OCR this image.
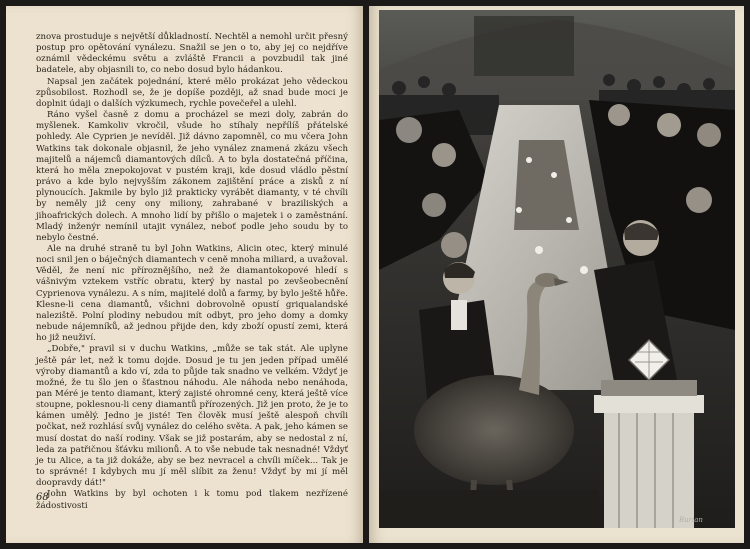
znova prostuduje s největší důkladností. Nechtěl a nemohl určit přesný postup pro opětování vynálezu. Snažil se jen o to, aby jej co nejdříve oznámil vědeckému světu a zvláště Francii a povzbudil tak jiné badatele, aby objasnili to, co nebo dosud bylo hádankou.

Napsal jen začátek pojednání, které mělo prokázat jeho vědeckou způsobilost. Rozhodl se, že je dopíše později, až snad bude moci je doplnit údaji o dalších výzkumech, rychle povečeřel a ulehl.

Ráno vyšel časně z domu a procházel se mezi doly, zabrán do myšlenek. Kamkoliv vkročil, všude ho stíhaly nepřílíš přátelské pohledy. Ale Cyprien je nevíděl. Již dávno zapomněl, co mu včera John Watkins tak dokonale objasnil, že jeho vynález znamená zkázu všech majitelů a nájemců diamantových dílců. A to byla dostatečná příčina, která ho měla znepokojovat v pustém kraji, kde dosud vládlo pěstní právo a kde bylo nejvyšším zákonem zajištění práce a zisků z ní plynoucích. Jakmile by bylo již prakticky vyrábět diamanty, v té chvíli by neměly již ceny ony miliony, zahrabané v braziliských a jihoafrických dolech. A mnoho lidí by přišlo o majetek i o zaměstnání. Mladý inženýr nemínil utajit vynález, neboť podle jeho soudu by to nebylo čestné.

Ale na druhé straně tu byl John Watkins, Alicin otec, který minulé noci snil jen o báječných diamantech v ceně mnoha miliard, a uvažoval. Věděl, že není nic příroznějšího, než že diamantokopové hledí s vášnivým vztekem vstříc obratu, který by nastal po zevšeobecnění Cyprienova vynálezu. A s ním, majitelé dolů a farmy, by bylo ještě hůře. Klesne-li cena diamantů, všichni dobrovolně opustí griqualandské naleziště. Polní plodiny nebudou mít odbyt, pro jeho domy a domky nebude nájemníků, až jednou přijde den, kdy zboží opustí zemi, která ho již neuživí.

„Dobře," pravil si v duchu Watkins, „může se tak stát. Ale uplyne ještě pár let, než k tomu dojde. Dosud je tu jen jeden případ umělé výroby diamantů a kdo ví, zda to půjde tak snadno ve velkém. Vždyť je možné, že tu šlo jen o šťastnou náhodu. Ale náhoda nebo nenáhoda, pan Méré je tento diamant, který zajisté ohromné ceny, která ještě více stoupne, poklesnou-li ceny diamantů přírozených. Již jen proto, že je to kámen umělý. Jedno je jisté! Ten člověk musí ještě alespoň chvíli počkat, než rozhlásí svůj vynález do celého světa. A pak, jeho kámen se musí dostat do naší rodiny. Však se již postarám, aby se nedostal z ní, leda za patřičnou šťávku milionů. A to vše nebude tak nesnadné! Vždyť je tu Alice, a ta již dokáže, aby se bez nevracel a chvíli míček... Tak je to správné! I kdybych mu jí měl slíbit za ženu! Vždyť by mi jí měl doopravdy dát!"

John Watkins by byl ochoten i k tomu pod tlakem nezřízené žádostivosti

68
Burian
